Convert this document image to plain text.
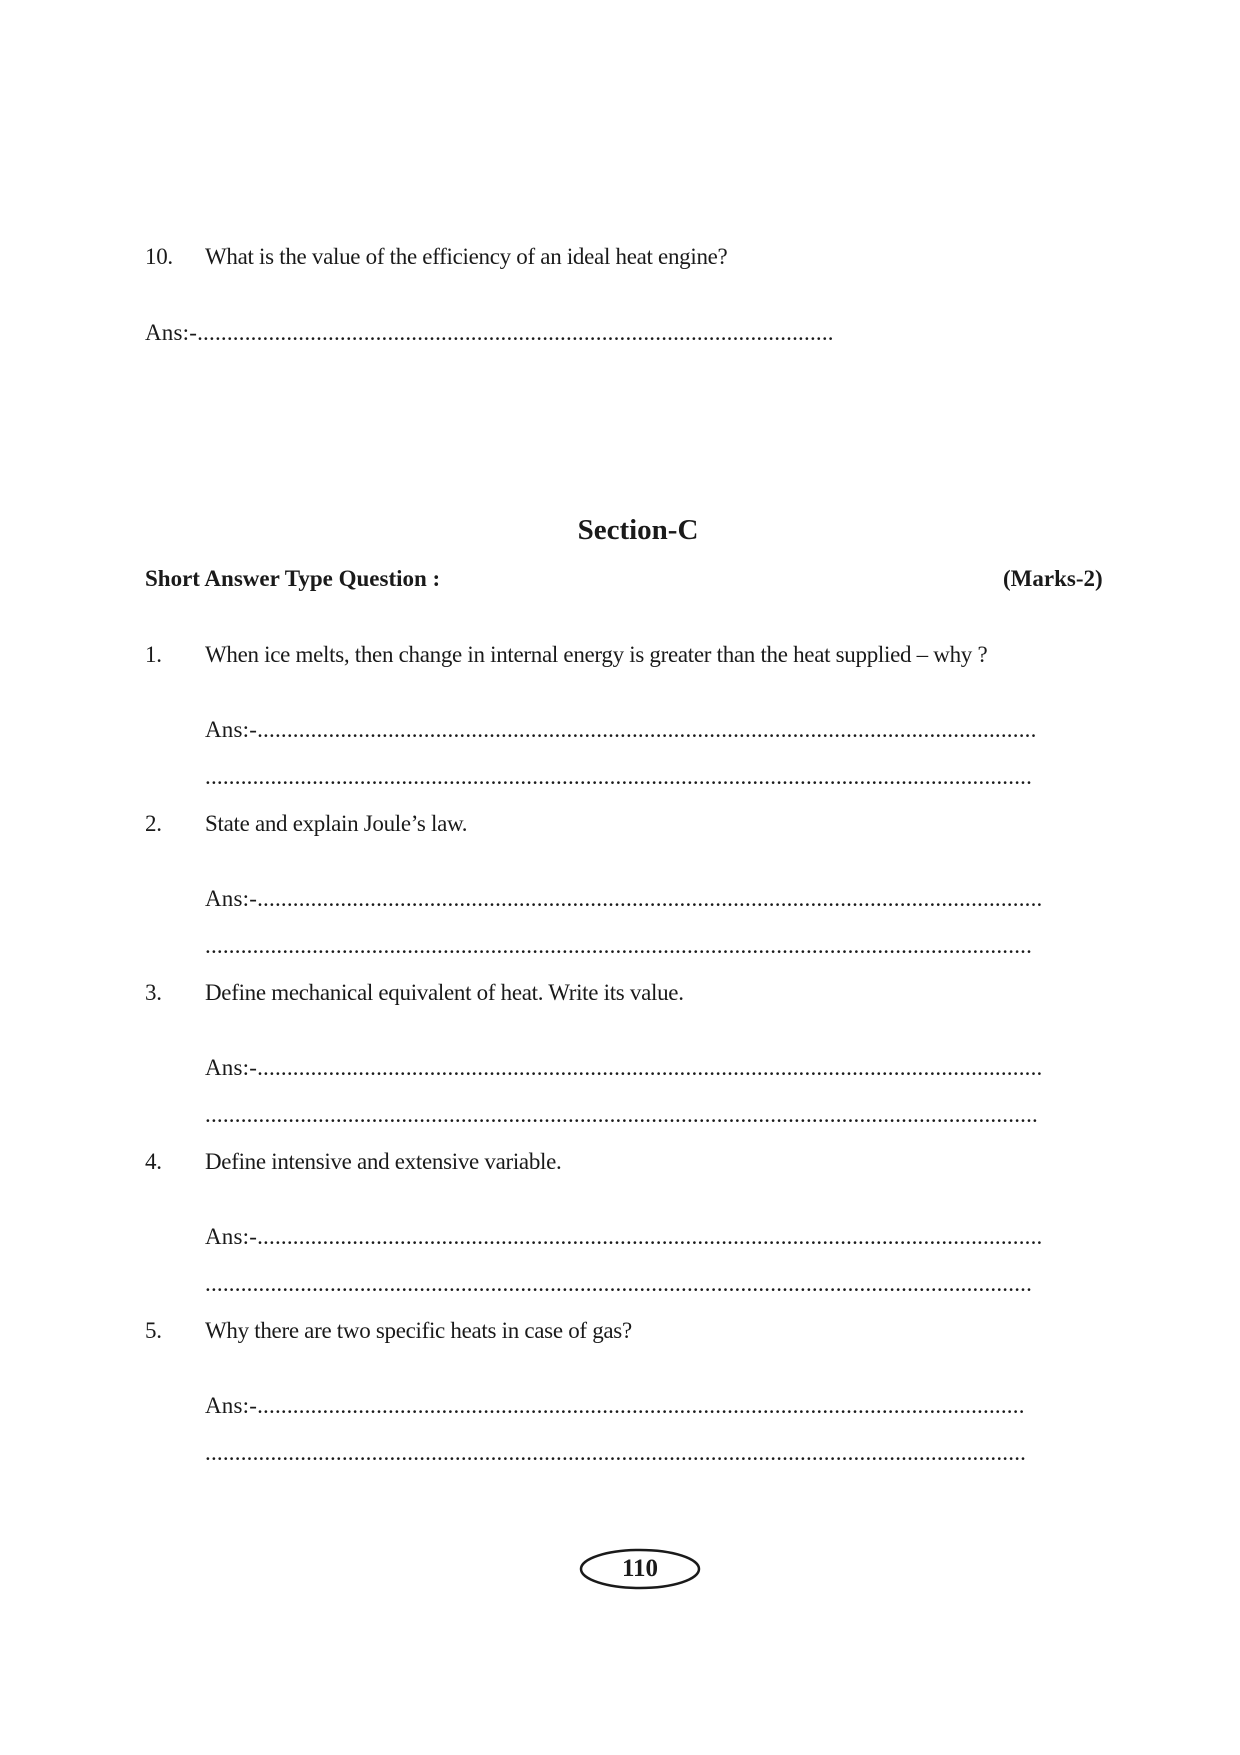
10. What is the value of the efficiency of an ideal heat engine?
Ans:-...........................................................................................................
Section-C
Short Answer Type Question :	(Marks-2)
1. When ice melts, then change in internal energy is greater than the heat supplied – why ?
Ans:-...................................................................................................................................
...........................................................................................................................................
2. State and explain Joule’s law.
Ans:-....................................................................................................................................
...........................................................................................................................................
3. Define mechanical equivalent of heat. Write its value.
Ans:-....................................................................................................................................
............................................................................................................................................
4. Define intensive and extensive variable.
Ans:-....................................................................................................................................
...........................................................................................................................................
5. Why there are two specific heats in case of gas?
Ans:-.................................................................................................................................
..........................................................................................................................................
110
